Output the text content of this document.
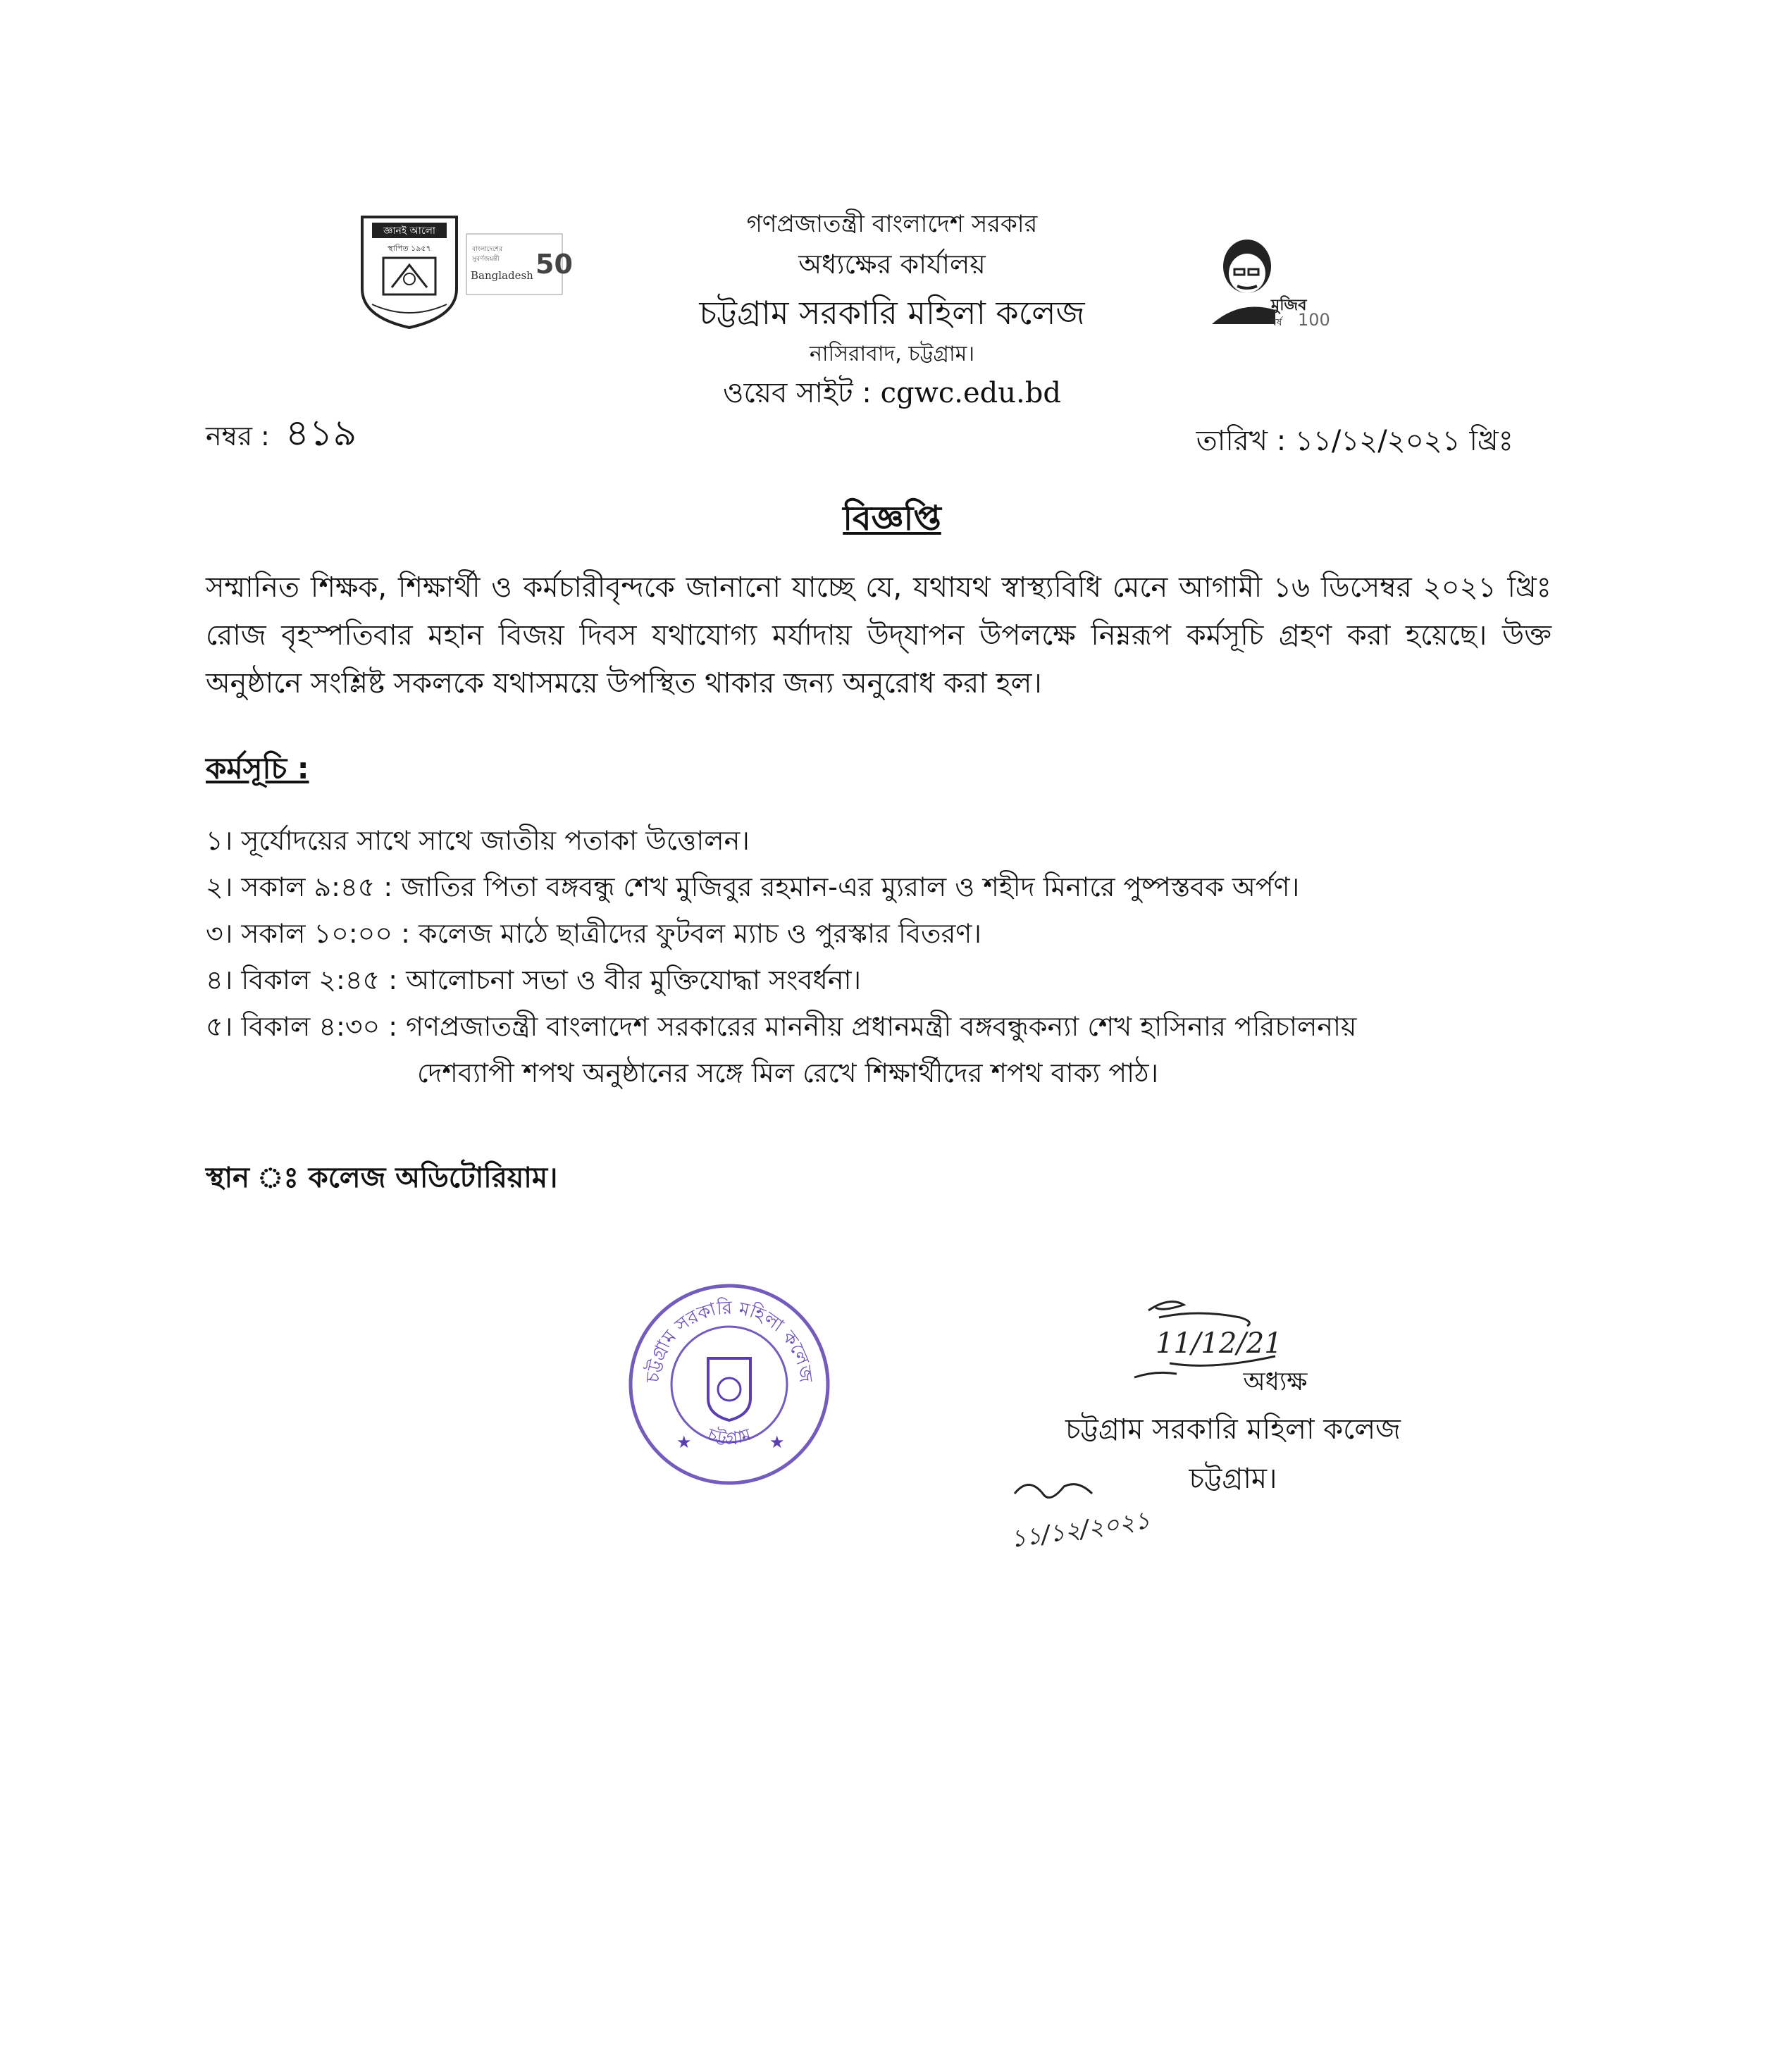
জ্ঞানই আলো
স্থাপিত ১৯৫৭	বাংলাদেশের
সুবর্ণজয়ন্তী
Bangladesh 50
মুজিব
বর্ষ 100
গণপ্রজাতন্ত্রী বাংলাদেশ সরকার
অধ্যক্ষের কার্যালয়
চট্টগ্রাম সরকারি মহিলা কলেজ
নাসিরাবাদ, চট্টগ্রাম।
ওয়েব সাইট : cgwc.edu.bd
নম্বর : ৪১৯	তারিখ : ১১/১২/২০২১ খ্রিঃ
বিজ্ঞপ্তি
সম্মানিত শিক্ষক, শিক্ষার্থী ও কর্মচারীবৃন্দকে জানানো যাচ্ছে যে, যথাযথ স্বাস্থ্যবিধি মেনে আগামী ১৬ ডিসেম্বর ২০২১ খ্রিঃ রোজ বৃহস্পতিবার মহান বিজয় দিবস যথাযোগ্য মর্যাদায় উদ্‌যাপন উপলক্ষে নিম্নরূপ কর্মসূচি গ্রহণ করা হয়েছে। উক্ত অনুষ্ঠানে সংশ্লিষ্ট সকলকে যথাসময়ে উপস্থিত থাকার জন্য অনুরোধ করা হল।
কর্মসূচি :
১। সূর্যোদয়ের সাথে সাথে জাতীয় পতাকা উত্তোলন।
২। সকাল ৯:৪৫ : জাতির পিতা বঙ্গবন্ধু শেখ মুজিবুর রহমান-এর ম্যুরাল ও শহীদ মিনারে পুষ্পস্তবক অর্পণ।
৩। সকাল ১০:০০ : কলেজ মাঠে ছাত্রীদের ফুটবল ম্যাচ ও পুরস্কার বিতরণ।
৪। বিকাল ২:৪৫ : আলোচনা সভা ও বীর মুক্তিযোদ্ধা সংবর্ধনা।
৫। বিকাল ৪:৩০ : গণপ্রজাতন্ত্রী বাংলাদেশ সরকারের মাননীয় প্রধানমন্ত্রী বঙ্গবন্ধুকন্যা শেখ হাসিনার পরিচালনায়
দেশব্যাপী শপথ অনুষ্ঠানের সঙ্গে মিল রেখে শিক্ষার্থীদের শপথ বাক্য পাঠ।
স্থান ঃ কলেজ অডিটোরিয়াম।
চট্টগ্রাম সরকারি মহিলা কলেজ
চট্টগ্রাম
★	★
11/12/21
অধ্যক্ষ
চট্টগ্রাম সরকারি মহিলা কলেজ
চট্টগ্রাম।
১১/১২/২০২১
